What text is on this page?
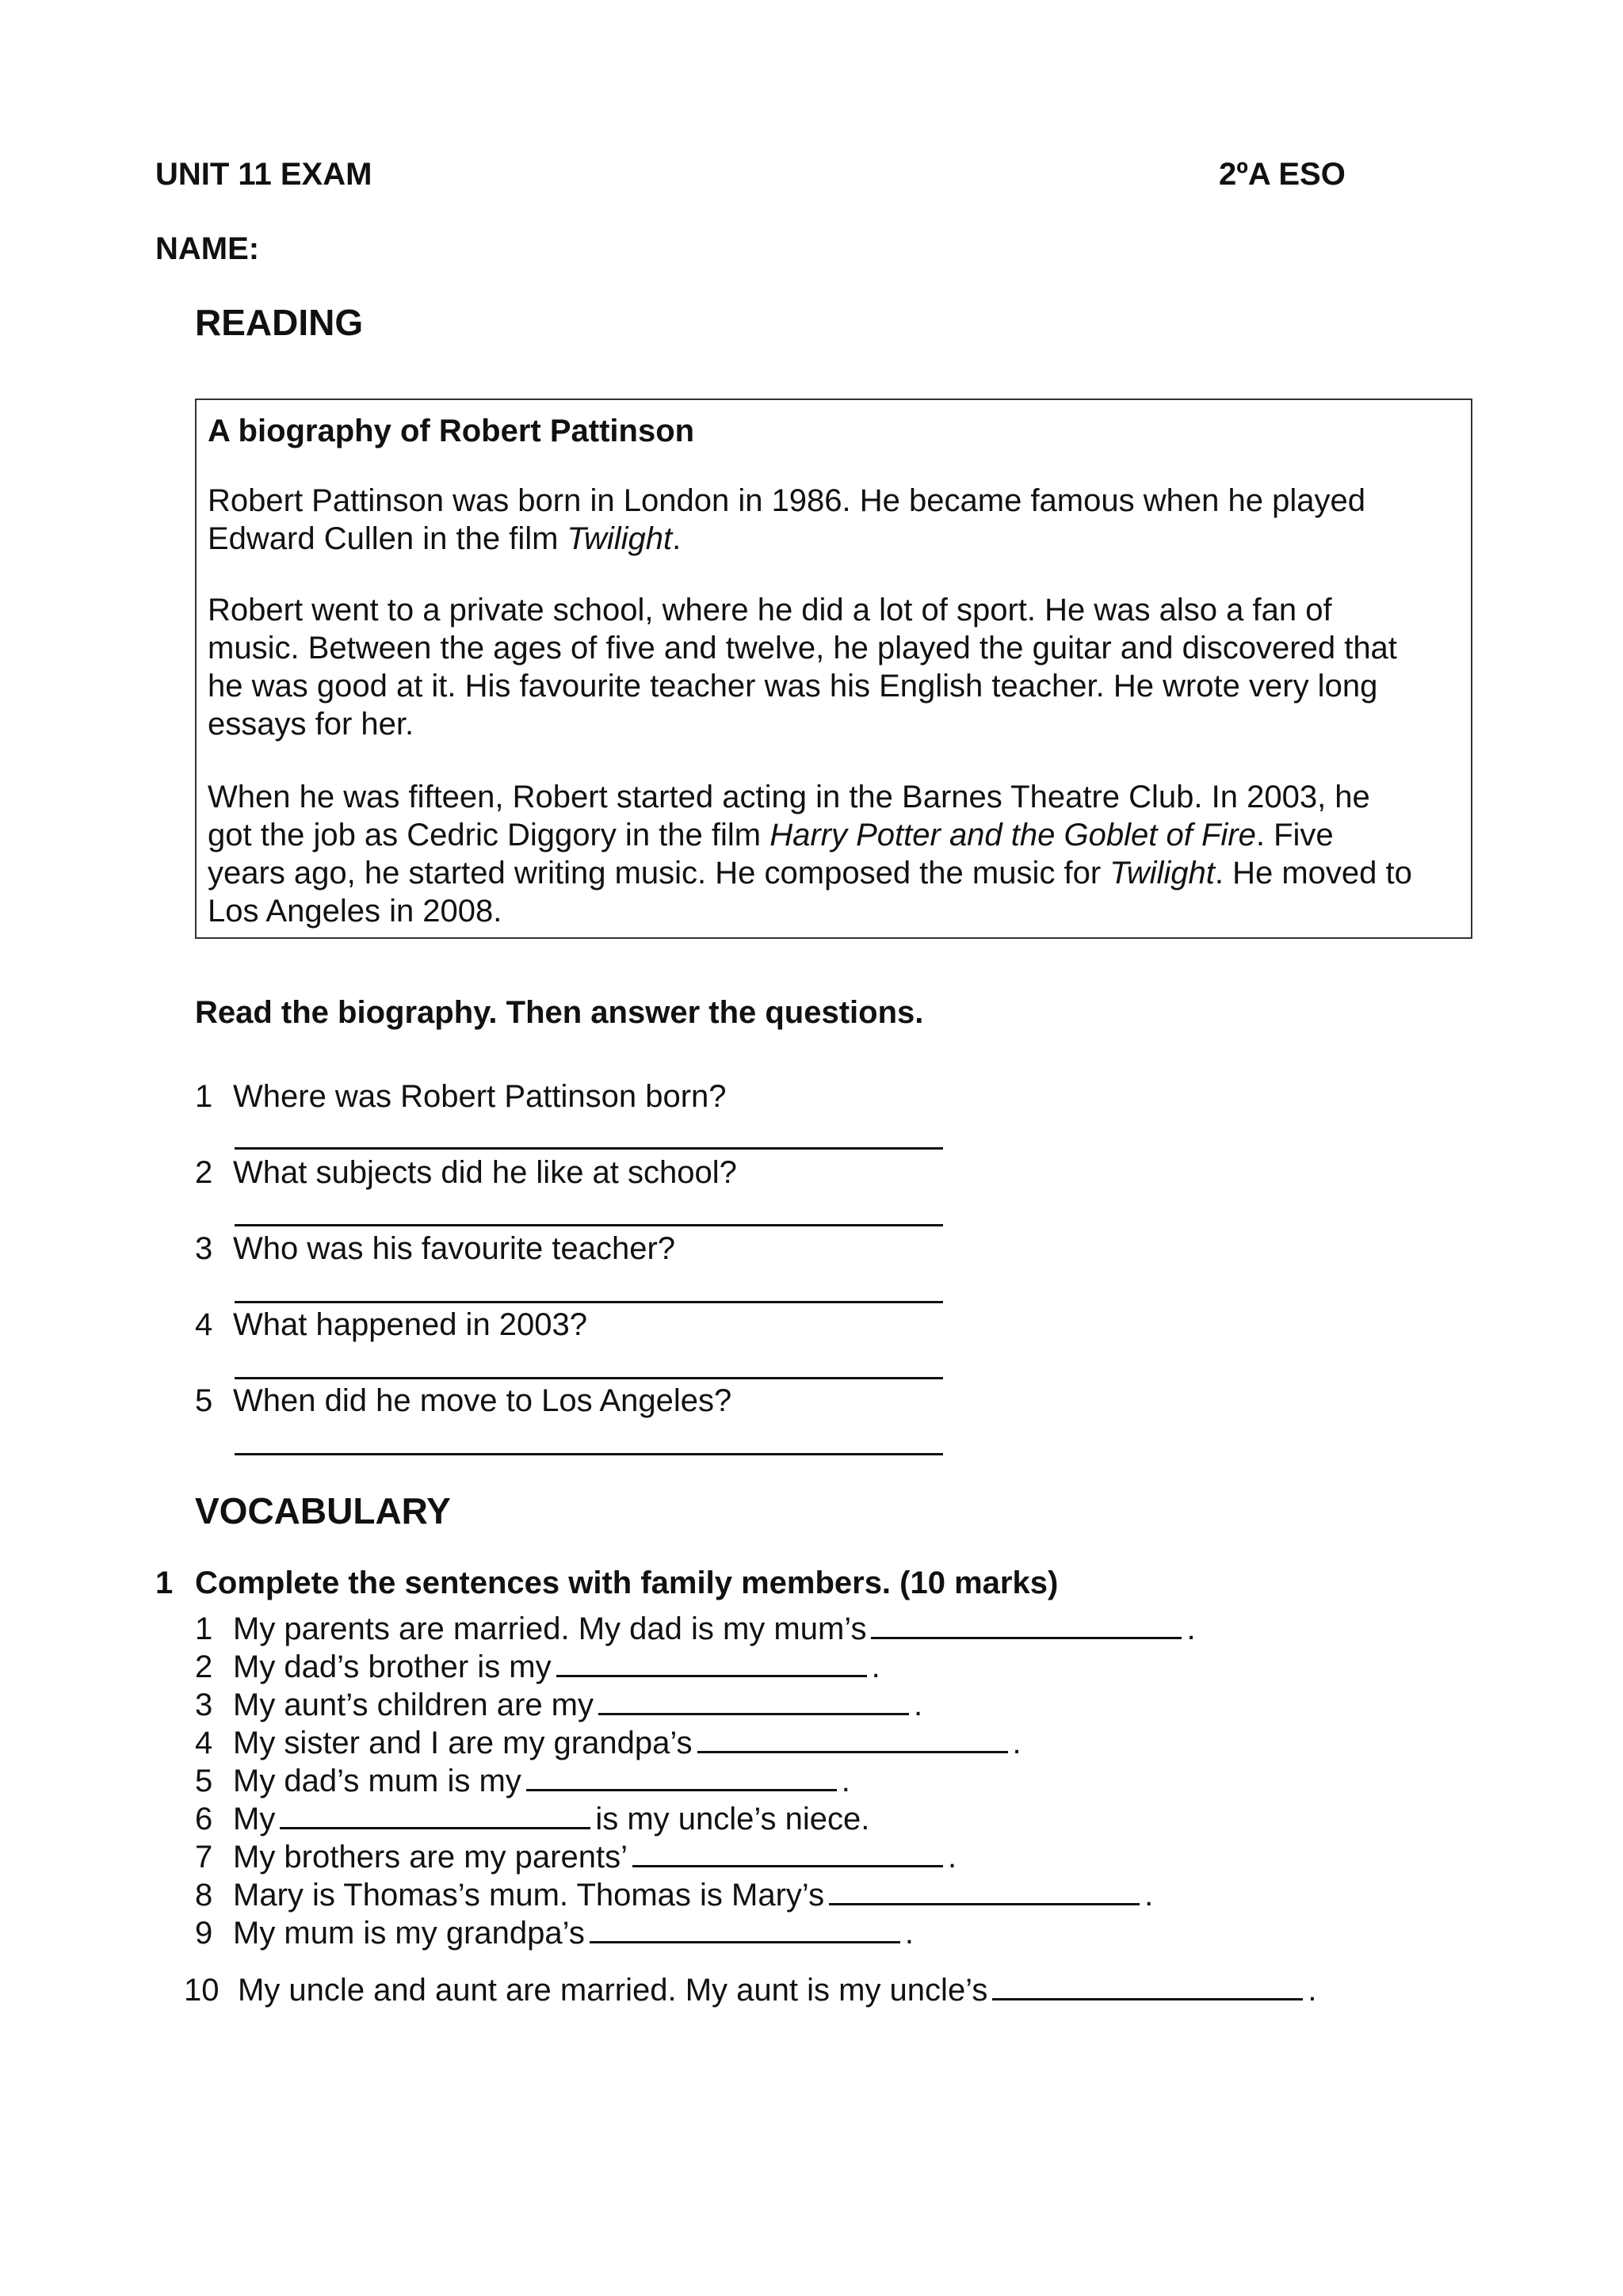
UNIT 11 EXAM	2ºA ESO
NAME:
READING
A biography of Robert Pattinson
Robert Pattinson was born in London in 1986. He became famous when he played
Edward Cullen in the film Twilight.
Robert went to a private school, where he did a lot of sport. He was also a fan of
music. Between the ages of five and twelve, he played the guitar and discovered that
he was good at it. His favourite teacher was his English teacher. He wrote very long
essays for her.
When he was fifteen, Robert started acting in the Barnes Theatre Club. In 2003, he
got the job as Cedric Diggory in the film Harry Potter and the Goblet of Fire. Five
years ago, he started writing music. He composed the music for Twilight. He moved to
Los Angeles in 2008.
Read the biography. Then answer the questions.
1 Where was Robert Pattinson born?
2 What subjects did he like at school?
3 Who was his favourite teacher?
4 What happened in 2003?
5 When did he move to Los Angeles?
VOCABULARY
1 Complete the sentences with family members. (10 marks)
1 My parents are married. My dad is my mum’s	.
2 My dad’s brother is my	.
3 My aunt’s children are my	.
4 My sister and I are my grandpa’s	.
5 My dad’s mum is my	.
6 My	is my uncle’s niece.
7 My brothers are my parents’	.
8 Mary is Thomas’s mum. Thomas is Mary’s	.
9 My mum is my grandpa’s	.
10 My uncle and aunt are married. My aunt is my uncle’s	.
